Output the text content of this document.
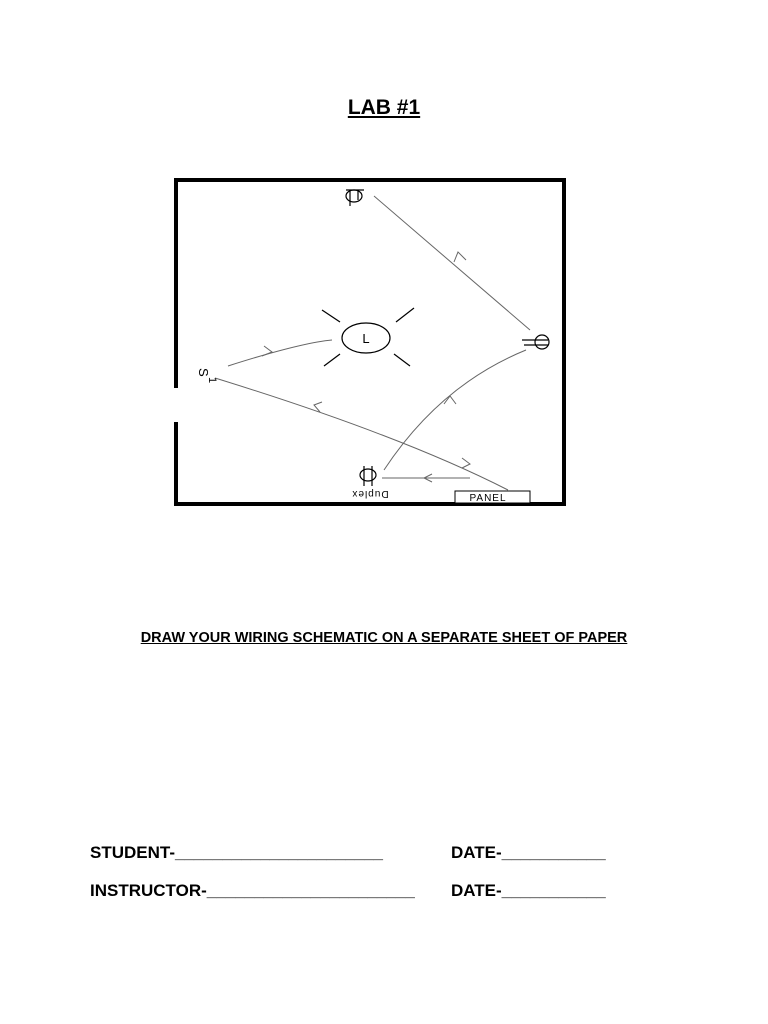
LAB #1
L
S
1
Duplex	PANEL
DRAW YOUR WIRING SCHEMATIC ON A SEPARATE SHEET OF PAPER
STUDENT-______________________	DATE-___________
INSTRUCTOR-______________________ DATE-___________
